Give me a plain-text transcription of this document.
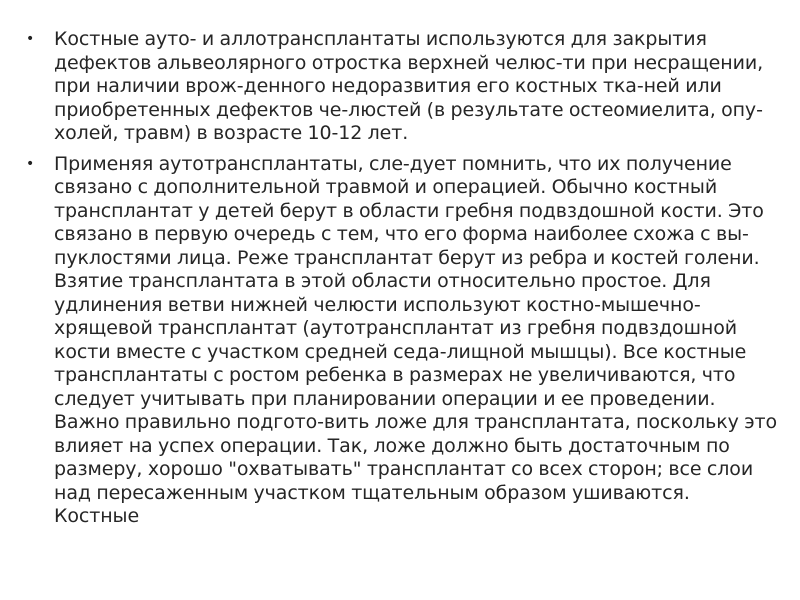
• Костные ауто- и аллотрансплантаты используются для закрытия дефектов альвеолярного отростка верхней челюс-ти при несращении, при наличии врож-денного недоразвития его костных тка-ней или приобретенных дефектов че-люстей (в результате остеомиелита, опу-холей, травм) в возрасте 10-12 лет.
• Применяя аутотрансплантаты, сле-дует помнить, что их получение связано с дополнительной травмой и операцией. Обычно костный трансплантат у детей берут в области гребня подвздошной кости. Это связано в первую очередь с тем, что его форма наиболее схожа с вы-пуклостями лица. Реже трансплантат берут из ребра и костей голени. Взятие трансплантата в этой области относительно простое. Для удлинения ветви нижней челюсти используют костно-мышечно-хрящевой трансплантат (аутотрансплантат из гребня подвздошной кости вместе с участком средней седа-лищной мышцы). Все костные трансплантаты с ростом ребенка в размерах не увеличиваются, что следует учитывать при планировании операции и ее проведении. Важно правильно подгото-вить ложе для трансплантата, поскольку это влияет на успех операции. Так, ложе должно быть достаточным по размеру, хорошо "охватывать" трансплантат со всех сторон; все слои над пересаженным участком тщательным образом ушиваются. Костные
